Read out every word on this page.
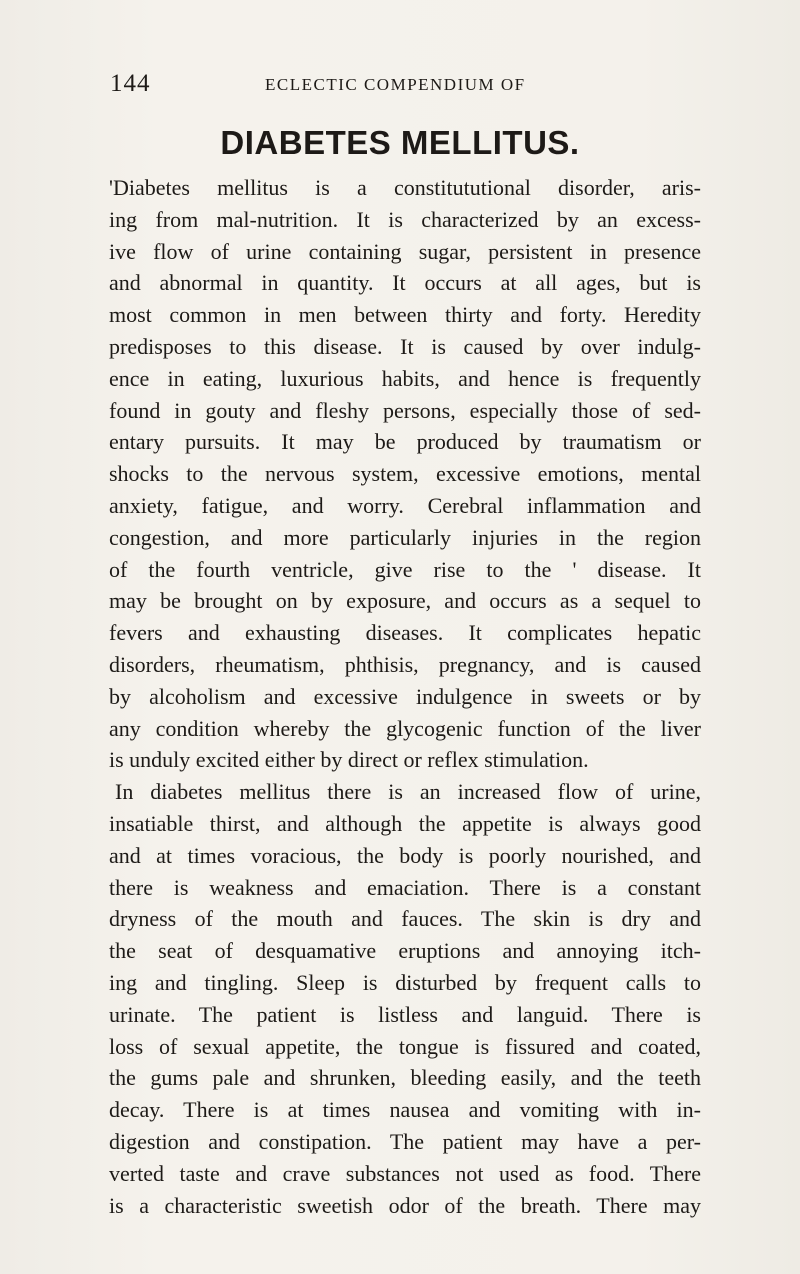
144	ECLECTIC COMPENDIUM OF
DIABETES MELLITUS.
'Diabetes mellitus is a constitututional disorder, aris-
ing from mal-nutrition. It is characterized by an excess-
ive flow of urine containing sugar, persistent in presence
and abnormal in quantity. It occurs at all ages, but is
most common in men between thirty and forty. Heredity
predisposes to this disease. It is caused by over indulg-
ence in eating, luxurious habits, and hence is frequently
found in gouty and fleshy persons, especially those of sed-
entary pursuits. It may be produced by traumatism or
shocks to the nervous system, excessive emotions, mental
anxiety, fatigue, and worry. Cerebral inflammation and
congestion, and more particularly injuries in the region
of the fourth ventricle, give rise to the ' disease. It
may be brought on by exposure, and occurs as a sequel to
fevers and exhausting diseases. It complicates hepatic
disorders, rheumatism, phthisis, pregnancy, and is caused
by alcoholism and excessive indulgence in sweets or by
any condition whereby the glycogenic function of the liver
is unduly excited either by direct or reflex stimulation.
In diabetes mellitus there is an increased flow of urine,
insatiable thirst, and although the appetite is always good
and at times voracious, the body is poorly nourished, and
there is weakness and emaciation. There is a constant
dryness of the mouth and fauces. The skin is dry and
the seat of desquamative eruptions and annoying itch-
ing and tingling. Sleep is disturbed by frequent calls to
urinate. The patient is listless and languid. There is
loss of sexual appetite, the tongue is fissured and coated,
the gums pale and shrunken, bleeding easily, and the teeth
decay. There is at times nausea and vomiting with in-
digestion and constipation. The patient may have a per-
verted taste and crave substances not used as food. There
is a characteristic sweetish odor of the breath. There may
